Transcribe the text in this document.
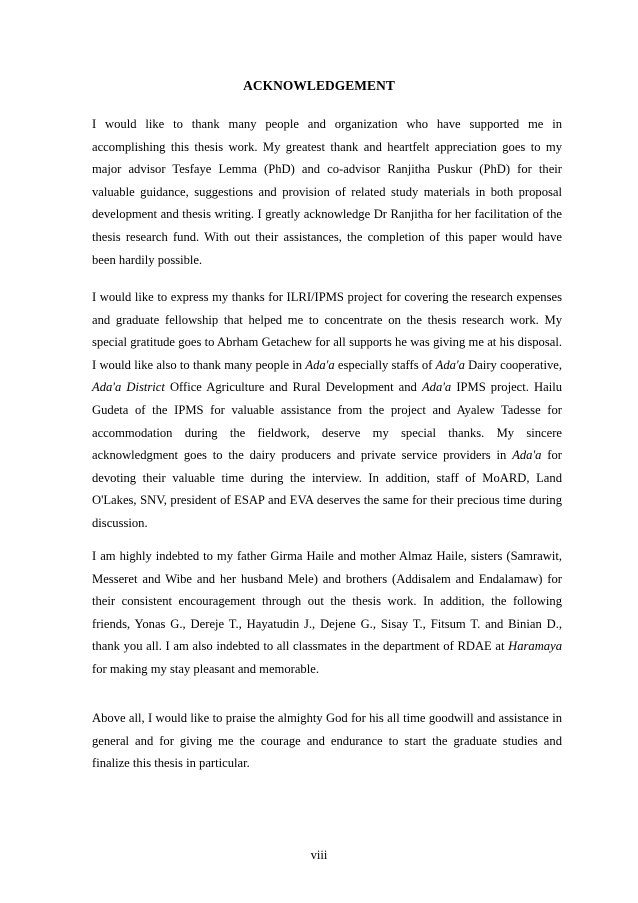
ACKNOWLEDGEMENT

I would like to thank many people and organization who have supported me in accomplishing this thesis work. My greatest thank and heartfelt appreciation goes to my major advisor Tesfaye Lemma (PhD) and co-advisor Ranjitha Puskur (PhD) for their valuable guidance, suggestions and provision of related study materials in both proposal development and thesis writing. I greatly acknowledge Dr Ranjitha for her facilitation of the thesis research fund. With out their assistances, the completion of this paper would have been hardily possible.

I would like to express my thanks for ILRI/IPMS project for covering the research expenses and graduate fellowship that helped me to concentrate on the thesis research work. My special gratitude goes to Abrham Getachew for all supports he was giving me at his disposal. I would like also to thank many people in Ada'a especially staffs of Ada'a Dairy cooperative, Ada'a District Office Agriculture and Rural Development and Ada'a IPMS project. Hailu Gudeta of the IPMS for valuable assistance from the project and Ayalew Tadesse for accommodation during the fieldwork, deserve my special thanks. My sincere acknowledgment goes to the dairy producers and private service providers in Ada'a for devoting their valuable time during the interview. In addition, staff of MoARD, Land O'Lakes, SNV, president of ESAP and EVA deserves the same for their precious time during discussion.

I am highly indebted to my father Girma Haile and mother Almaz Haile, sisters (Samrawit, Messeret and Wibe and her husband Mele) and brothers (Addisalem and Endalamaw) for their consistent encouragement through out the thesis work. In addition, the following friends, Yonas G., Dereje T., Hayatudin J., Dejene G., Sisay T., Fitsum T. and Binian D., thank you all. I am also indebted to all classmates in the department of RDAE at Haramaya for making my stay pleasant and memorable.

Above all, I would like to praise the almighty God for his all time goodwill and assistance in general and for giving me the courage and endurance to start the graduate studies and finalize this thesis in particular.

viii
